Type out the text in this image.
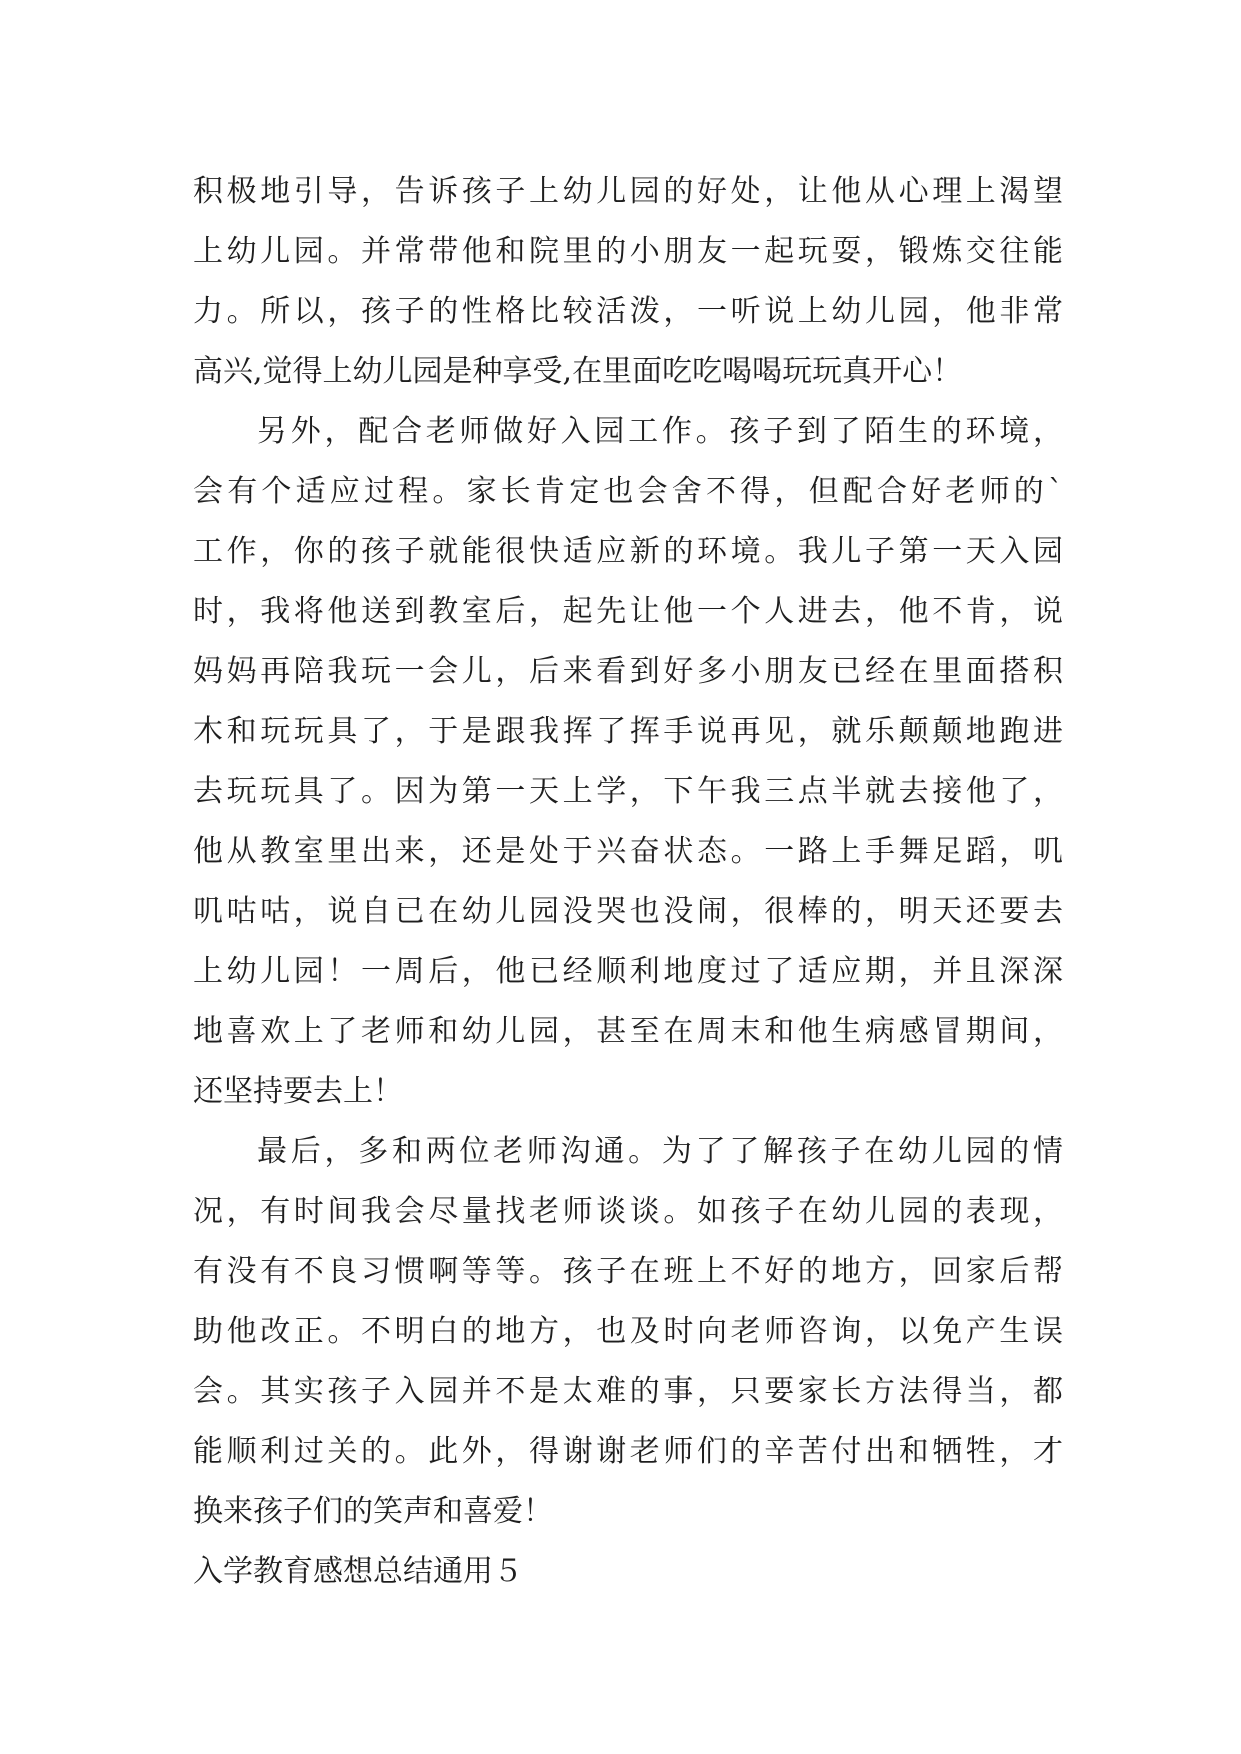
积极地引导，告诉孩子上幼儿园的好处，让他从心理上渴望
上幼儿园。并常带他和院里的小朋友一起玩耍，锻炼交往能
力。所以，孩子的性格比较活泼，一听说上幼儿园，他非常
高兴,觉得上幼儿园是种享受,在里面吃吃喝喝玩玩真开心！
另外，配合老师做好入园工作。孩子到了陌生的环境，
会有个适应过程。家长肯定也会舍不得，但配合好老师的`
工作，你的孩子就能很快适应新的环境。我儿子第一天入园
时，我将他送到教室后，起先让他一个人进去，他不肯，说
妈妈再陪我玩一会儿，后来看到好多小朋友已经在里面搭积
木和玩玩具了，于是跟我挥了挥手说再见，就乐颠颠地跑进
去玩玩具了。因为第一天上学，下午我三点半就去接他了，
他从教室里出来，还是处于兴奋状态。一路上手舞足蹈，叽
叽咕咕，说自已在幼儿园没哭也没闹，很棒的，明天还要去
上幼儿园！一周后，他已经顺利地度过了适应期，并且深深
地喜欢上了老师和幼儿园，甚至在周末和他生病感冒期间，
还坚持要去上！
最后，多和两位老师沟通。为了了解孩子在幼儿园的情
况，有时间我会尽量找老师谈谈。如孩子在幼儿园的表现，
有没有不良习惯啊等等。孩子在班上不好的地方，回家后帮
助他改正。不明白的地方，也及时向老师咨询，以免产生误
会。其实孩子入园并不是太难的事，只要家长方法得当，都
能顺利过关的。此外，得谢谢老师们的辛苦付出和牺牲，才
换来孩子们的笑声和喜爱！
入学教育感想总结通用５
